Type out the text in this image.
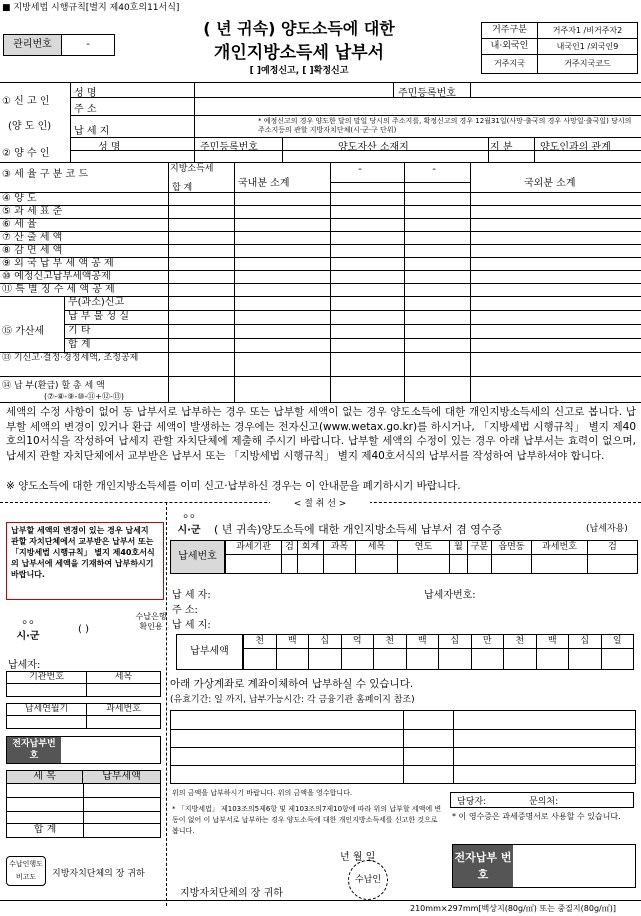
■ 지방세법 시행규칙[별지 제40호의11서식]
관리번호	-
( 년 귀속) 양도소득에 대한
개인지방소득세 납부서
[ ]예정신고, [ ]확정신고
거주구분	거주자1 /비거주자2
내·외국인	내국인1 /외국인9
거주지국	거주지국코드
① 신 고 인
(양 도 인)
성 명	주민등록번호
주 소
납 세 지
* 예정신고의 경우 양도한 달의 말일 당시의 주소지를, 확정신고의 경우 12월31일(사망·출국의 경우 사망일·출국일) 당시의 주소지등의 관할 지방자치단체(시·군·구 단위)
② 양 수 인
성 명	주민등록번호	양도자산 소재지	지 분	양도인과의 관계
③ 세 율 구 분 코 드	지방소득세
합 계	국내분 소계
-	-
국외분 소계
④ 양 도
⑤ 과 세 표 준
⑥ 세 율
⑦ 산 출 세 액
⑧ 감 면 세 액
⑨ 외 국 납 부 세 액 공 제
⑩ 예정신고납부세액공제
⑪ 특 별 징 수 세 액 공 제
⑮ 가산세
무(과소)신고
납 부 불 성 실
기 타
합 계
⑬ 기신고·결정·경정세액, 조정공제
⑭ 납 부(환급) 할 총 세 액
(⑦-⑧-⑨-⑩-⑪+⑫-⑬)
세액의 수정 사항이 없어 동 납부서로 납부하는 경우 또는 납부할 세액이 없는 경우 양도소득에 대한 개인지방소득세의 신고로 봅니다. 납부할 세액의 변경이 있거나 환급 세액이 발생하는 경우에는 전자신고(www.wetax.go.kr)를 하시거나, 「지방세법 시행규칙」 별지 제40호의10서식을 작성하여 납세지 관할 자치단체에 제출해 주시기 바랍니다. 납부할 세액의 수정이 있는 경우 아래 납부서는 효력이 없으며, 납세지 관할 자치단체에서 교부받은 납부서 또는 「지방세법 시행규칙」 별지 제40호서식의 납부서를 작성하여 납부하셔야 합니다.
※ 양도소득에 대한 개인지방소득세를 이미 신고·납부하신 경우는 이 안내문을 폐기하시기 바랍니다.
< 절 취 선 >
납부할 세액의 변경이 있는 경우 납세지 관할 자치단체에서 교부받은 납부서 또는 「지방세법 시행규칙」 별지 제40호서식의 납부서에 세액을 기재하여 납부하시기 바랍니다.
⚪⚪
시·군
( )
수납은행 확인용
납세자:
기관번호	세목
납세연월기	과세번호
전자납부번 호
세 목	납부세액
합 계
수납인행도 비고도	지방자치단체의 장 귀하
⚪⚪
시·군	( 년 귀속)양도소득에 대한 개인지방소득세 납부서 겸 영수증	(납세자용)
납세번호
과세기관	검 회계	과목	세목	연도	월 구분	읍면동	과세번호	검
납 세 자:	납세자번호:
주 소:
납 세 지:
납부세액
천	백	십	억	천	백	십	만	천	백	십	일
아래 가상계좌로 계좌이체하여 납부하실 수 있습니다.
(유효기간: 일 까지, 납부가능시간: 각 금융기관 홈페이지 참조)
위의 금액을 납부하시기 바랍니다. 위의 금액을 영수합니다.
* 「지방세법」 제103조의5제6항 및 제103조의7제10항에 따라 위의 납부할 세액에 변동이 없어 이 납부서로 납부하는 경우 양도소득에 대한 개인지방소득세를 신고한 것으로 봅니다.
담당자:	문의처:
* 이 영수증은 과세증명서로 사용할 수 있습니다.
년 월 일
수납인
지방자치단체의 장 귀하
전자납부 번 호
210mm×297mm[백상지(80g/㎡) 또는 중질지(80g/㎡)]
